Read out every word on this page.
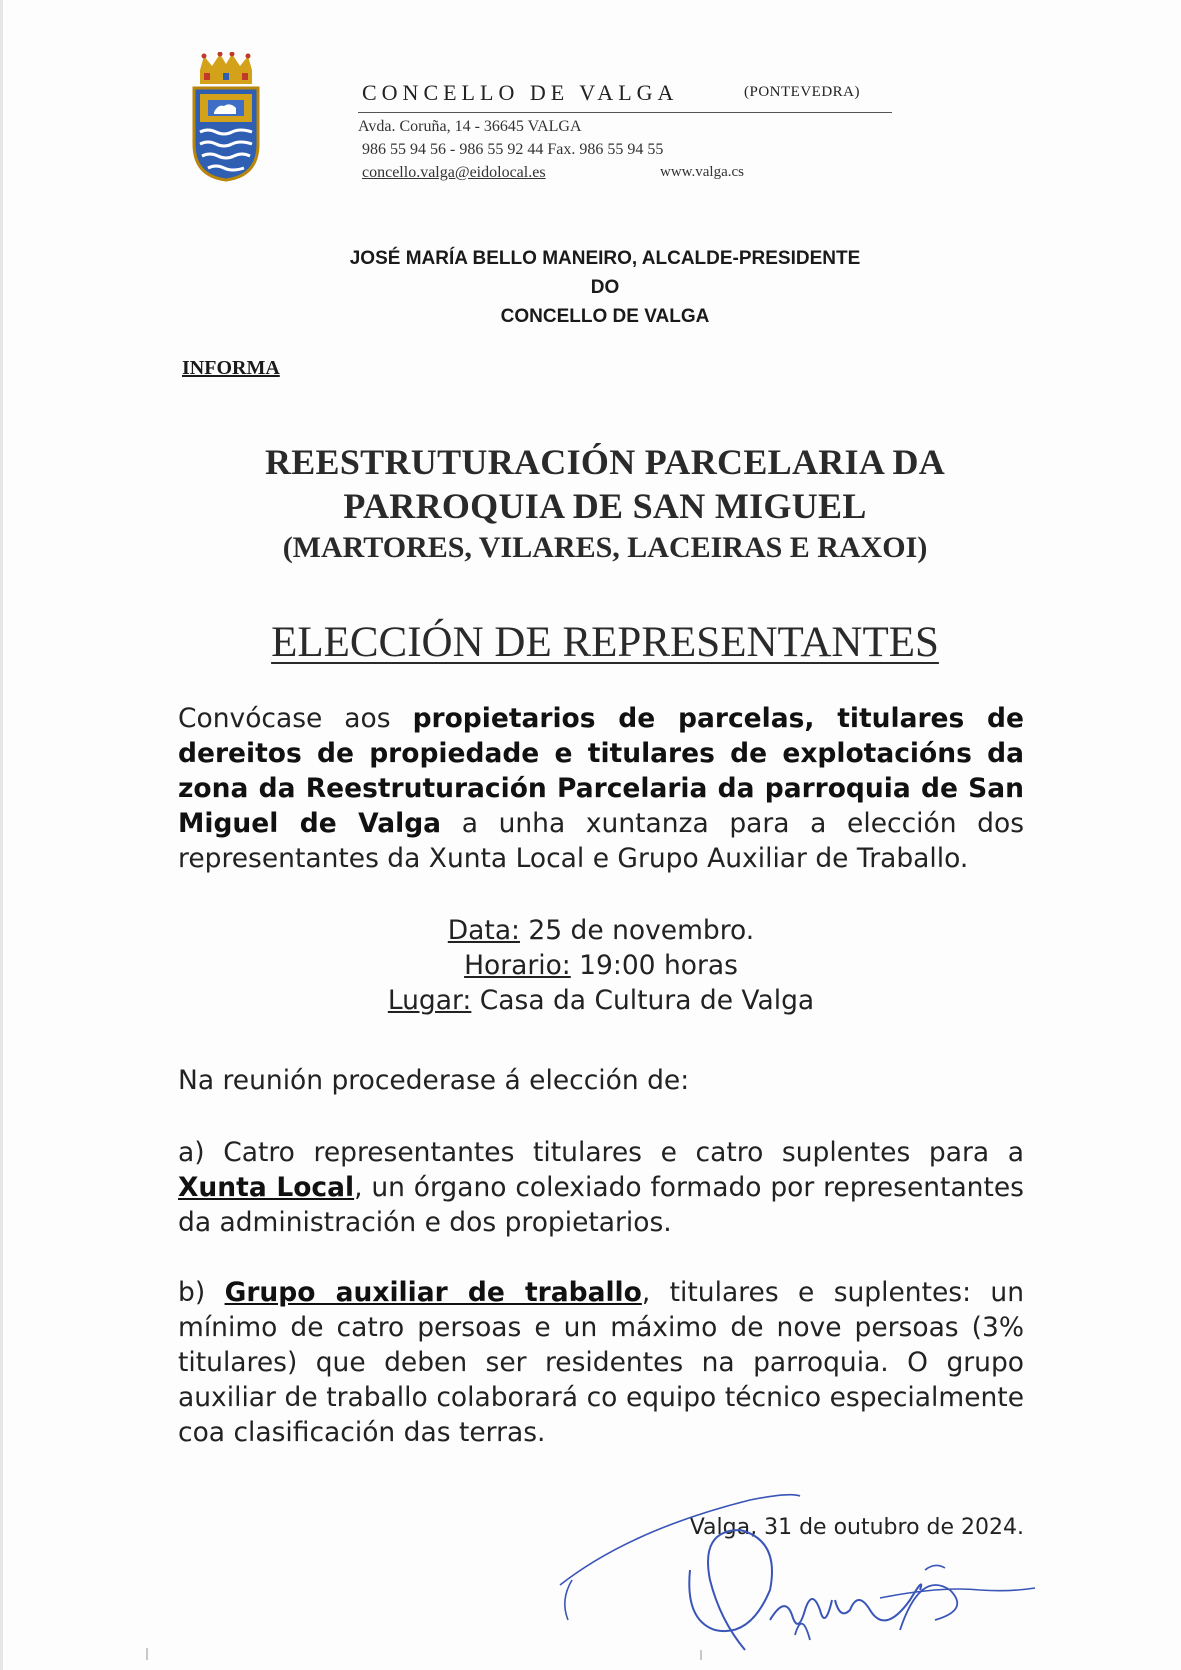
CONCELLO DE VALGA	(PONTEVEDRA)
Avda. Coruña, 14 - 36645 VALGA
986 55 94 56 - 986 55 92 44 Fax. 986 55 94 55
concello.valga@eidolocal.es	www.valga.cs
JOSÉ MARÍA BELLO MANEIRO, ALCALDE-PRESIDENTE
DO
CONCELLO DE VALGA
INFORMA
REESTRUTURACIÓN PARCELARIA DA
PARROQUIA DE SAN MIGUEL
(MARTORES, VILARES, LACEIRAS E RAXOI)
ELECCIÓN DE REPRESENTANTES
Convócase aos propietarios de parcelas, titulares de dereitos de propiedade e titulares de explotacións da zona da Reestruturación Parcelaria da parroquia de San Miguel de Valga a unha xuntanza para a elección dos representantes da Xunta Local e Grupo Auxiliar de Traballo.
Data: 25 de novembro.
Horario: 19:00 horas
Lugar: Casa da Cultura de Valga
Na reunión procederase á elección de:
a) Catro representantes titulares e catro suplentes para a Xunta Local, un órgano colexiado formado por representantes da administración e dos propietarios.
b) Grupo auxiliar de traballo, titulares e suplentes: un mínimo de catro persoas e un máximo de nove persoas (3% titulares) que deben ser residentes na parroquia. O grupo auxiliar de traballo colaborará co equipo técnico especialmente coa clasificación das terras.
Valga, 31 de outubro de 2024.
